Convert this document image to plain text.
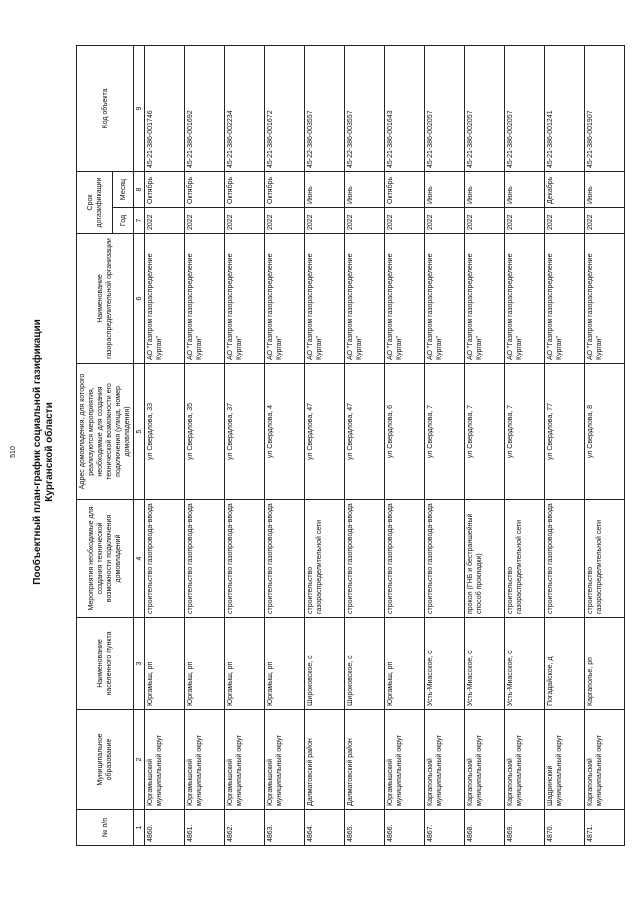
510 Пообъектный план-график социальной газификации Курганской области
№ п/п	Муниципальное образование	Наименование населенного пункта	Мероприятия необходимые для создания технической возможности подключения домовладений	Адрес домовладения, для которого реализуются мероприятия, необходимые для создания технической возможности его подключения (улица, номер домовладения)	Наименование газораспределительной организации	Срок догазификации		Код объекта
						Год	Месяц	
1	2	3	4	5	6	7	8	9
4860.	Юргамышский муниципальный округ	Юргамыш, рп	строительство газопровода-ввода	ул Свердлова, 33	АО "Газпром газораспределение Курган"	2022	Октябрь	45-21-386-001746
4861.	Юргамышский муниципальный округ	Юргамыш, рп	строительство газопровода-ввода	ул Свердлова, 35	АО "Газпром газораспределение Курган"	2022	Октябрь	45-21-386-001692
4862.	Юргамышский муниципальный округ	Юргамыш, рп	строительство газопровода-ввода	ул Свердлова, 37	АО "Газпром газораспределение Курган"	2022	Октябрь	45-21-386-002234
4863.	Юргамышский муниципальный округ	Юргамыш, рп	строительство газопровода-ввода	ул Свердлова, 4	АО "Газпром газораспределение Курган"	2022	Октябрь	45-21-386-001672
4864.	Далматовский район	Широковское, с	строительство газораспределительной сети	ул Свердлова, 47	АО "Газпром газораспределение Курган"	2022	Июнь	45-22-386-003557
4865.	Далматовский район	Широковское, с	строительство газопровода-ввода	ул Свердлова, 47	АО "Газпром газораспределение Курган"	2022	Июнь	45-22-386-003557
4866.	Юргамышский муниципальный округ	Юргамыш, рп	строительство газопровода-ввода	ул Свердлова, 6	АО "Газпром газораспределение Курган"	2022	Октябрь	45-21-386-001643
4867.	Каргапольский муниципальный округ	Усть-Миасское, с	строительство газопровода-ввода	ул Свердлова, 7	АО "Газпром газораспределение Курган"	2022	Июнь	45-21-386-002057
4868.	Каргапольский муниципальный округ	Усть-Миасское, с	прокол (ГНБ и бестраншейный способ прокладки)	ул Свердлова, 7	АО "Газпром газораспределение Курган"	2022	Июнь	45-21-386-002057
4869.	Каргапольский муниципальный округ	Усть-Миасское, с	строительство газораспределительной сети	ул Свердлова, 7	АО "Газпром газораспределение Курган"	2022	Июнь	45-21-386-002057
4870.	Шадринский муниципальный округ	Погадайское, д	строительство газопровода-ввода	ул Свердлова, 77	АО "Газпром газораспределение Курган"	2022	Декабрь	45-21-386-001241
4871.	Каргапольский муниципальный округ	Каргаполье, рп	строительство газораспределительной сети	ул Свердлова, 8	АО "Газпром газораспределение Курган"	2022	Июнь	45-21-386-001907
